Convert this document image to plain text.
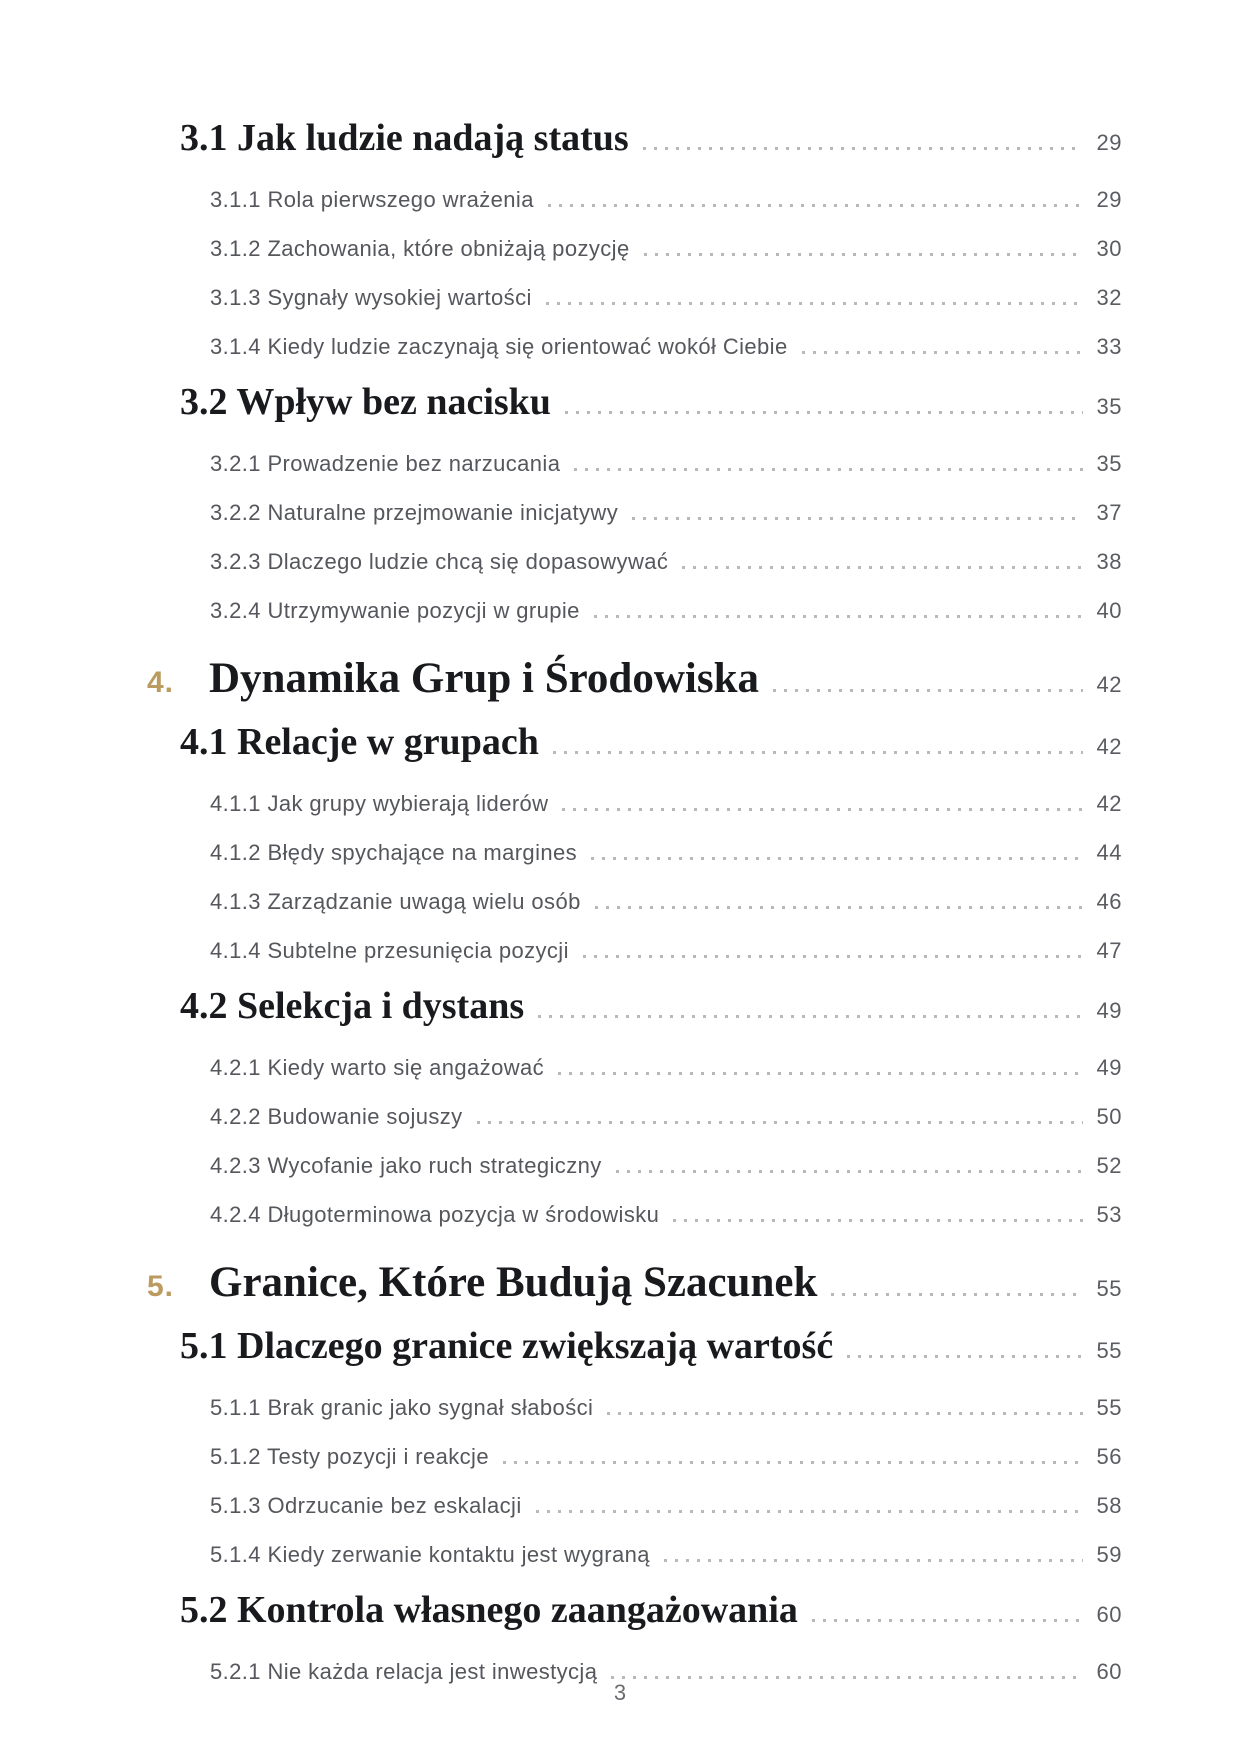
3.1 Jak ludzie nadają status	29
3.1.1 Rola pierwszego wrażenia	29
3.1.2 Zachowania, które obniżają pozycję	30
3.1.3 Sygnały wysokiej wartości	32
3.1.4 Kiedy ludzie zaczynają się orientować wokół Ciebie	33
3.2 Wpływ bez nacisku	35
3.2.1 Prowadzenie bez narzucania	35
3.2.2 Naturalne przejmowanie inicjatywy	37
3.2.3 Dlaczego ludzie chcą się dopasowywać	38
3.2.4 Utrzymywanie pozycji w grupie	40
4. Dynamika Grup i Środowiska	42
4.1 Relacje w grupach	42
4.1.1 Jak grupy wybierają liderów	42
4.1.2 Błędy spychające na margines	44
4.1.3 Zarządzanie uwagą wielu osób	46
4.1.4 Subtelne przesunięcia pozycji	47
4.2 Selekcja i dystans	49
4.2.1 Kiedy warto się angażować	49
4.2.2 Budowanie sojuszy	50
4.2.3 Wycofanie jako ruch strategiczny	52
4.2.4 Długoterminowa pozycja w środowisku	53
5. Granice, Które Budują Szacunek	55
5.1 Dlaczego granice zwiększają wartość	55
5.1.1 Brak granic jako sygnał słabości	55
5.1.2 Testy pozycji i reakcje	56
5.1.3 Odrzucanie bez eskalacji	58
5.1.4 Kiedy zerwanie kontaktu jest wygraną	59
5.2 Kontrola własnego zaangażowania	60
5.2.1 Nie każda relacja jest inwestycją	60
3
